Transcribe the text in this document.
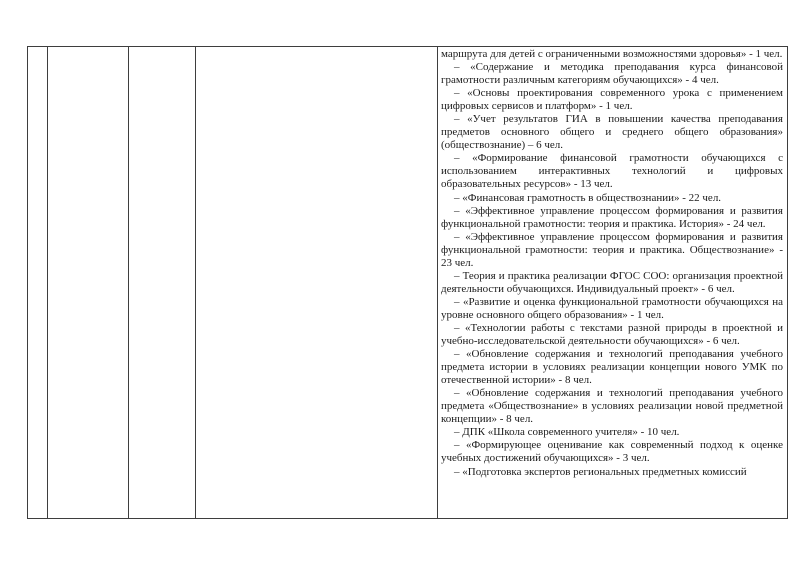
маршрута для детей с ограниченными возможностями здоровья» - 1 чел.

– «Содержание и методика преподавания курса финансовой грамотности различным категориям обучающихся» - 4 чел.

– «Основы проектирования современного урока с применением цифровых сервисов и платформ» - 1 чел.

– «Учет результатов ГИА в повышении качества преподавания предметов основного общего и среднего общего образования» (обществознание) – 6 чел.

– «Формирование финансовой грамотности обучающихся с использованием интерактивных технологий и цифровых образовательных ресурсов» - 13 чел.

– «Финансовая грамотность в обществознании» - 22 чел.

– «Эффективное управление процессом формирования и развития функциональной грамотности: теория и практика. История» - 24 чел.

– «Эффективное управление процессом формирования и развития функциональной грамотности: теория и практика. Обществознание» - 23 чел.

– Теория и практика реализации ФГОС СОО: организация проектной деятельности обучающихся. Индивидуальный проект» - 6 чел.

– «Развитие и оценка функциональной грамотности обучающихся на уровне основного общего образования» - 1 чел.

– «Технологии работы с текстами разной природы в проектной и учебно-исследовательской деятельности обучающихся» - 6 чел.

– «Обновление содержания и технологий преподавания учебного предмета истории в условиях реализации концепции нового УМК по отечественной истории» - 8 чел.

– «Обновление содержания и технологий преподавания учебного предмета «Обществознание» в условиях реализации новой предметной концепции» - 8 чел.

– ДПК «Школа современного учителя» - 10 чел.

– «Формирующее оценивание как современный подход к оценке учебных достижений обучающихся» - 3 чел.

– «Подготовка экспертов региональных предметных комиссий
